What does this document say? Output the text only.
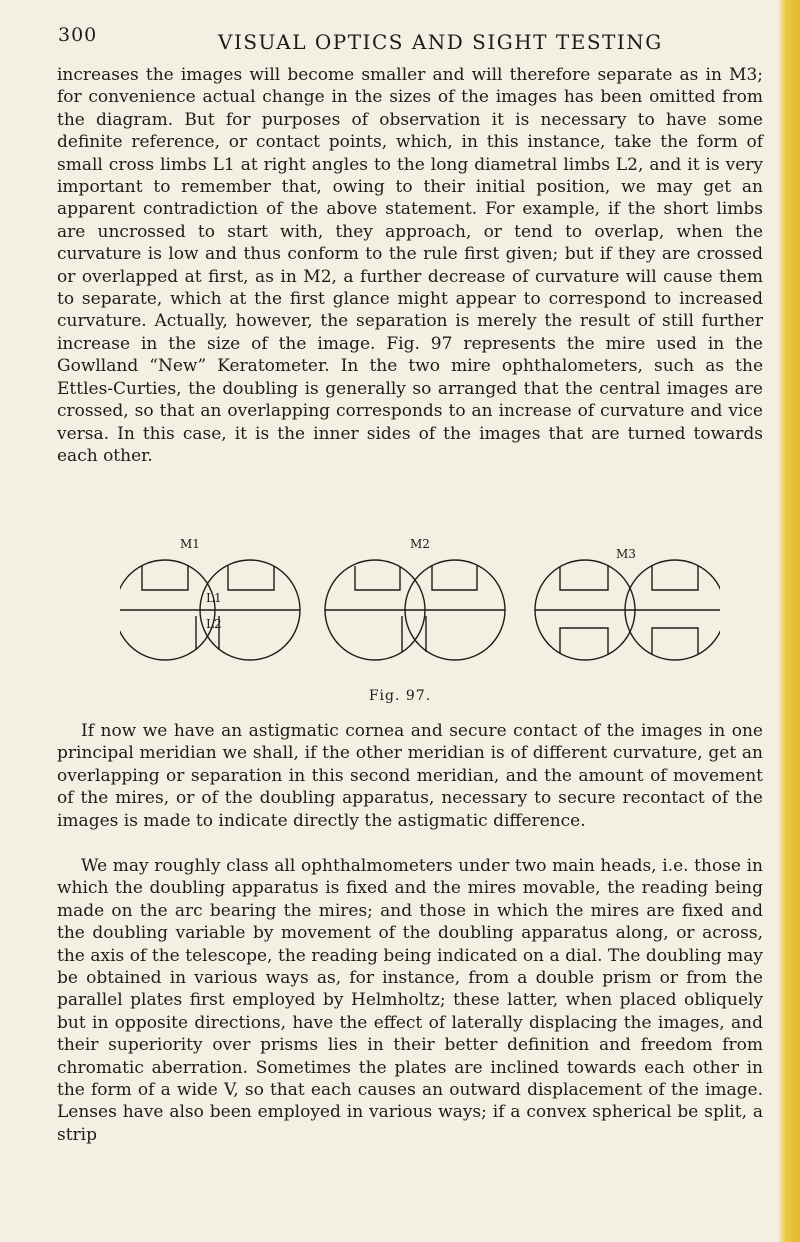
300	VISUAL OPTICS AND SIGHT TESTING

increases the images will become smaller and will therefore separate as in M3; for convenience actual change in the sizes of the images has been omitted from the diagram. But for purposes of observation it is necessary to have some definite reference, or contact points, which, in this instance, take the form of small cross limbs L1 at right angles to the long diametral limbs L2, and it is very important to remember that, owing to their initial position, we may get an apparent contradiction of the above statement. For example, if the short limbs are uncrossed to start with, they approach, or tend to overlap, when the curvature is low and thus conform to the rule first given; but if they are crossed or overlapped at first, as in M2, a further decrease of curvature will cause them to separate, which at the first glance might appear to correspond to increased curvature. Actually, however, the separation is merely the result of still further increase in the size of the image. Fig. 97 represents the mire used in the Gowlland “New” Keratometer. In the two mire ophthalometers, such as the Ettles-Curties, the doubling is generally so arranged that the central images are crossed, so that an overlapping corresponds to an increase of curvature and vice versa. In this case, it is the inner sides of the images that are turned towards each other.

M1	M2
M3
L1
L2
Fig. 97.

If now we have an astigmatic cornea and secure contact of the images in one principal meridian we shall, if the other meridian is of different curvature, get an overlapping or separation in this second meridian, and the amount of movement of the mires, or of the doubling apparatus, necessary to secure recontact of the images is made to indicate directly the astigmatic difference.

We may roughly class all ophthalmometers under two main heads, i.e. those in which the doubling apparatus is fixed and the mires movable, the reading being made on the arc bearing the mires; and those in which the mires are fixed and the doubling variable by movement of the doubling apparatus along, or across, the axis of the telescope, the reading being indicated on a dial. The doubling may be obtained in various ways as, for instance, from a double prism or from the parallel plates first employed by Helmholtz; these latter, when placed obliquely but in opposite directions, have the effect of laterally displacing the images, and their superiority over prisms lies in their better definition and freedom from chromatic aberration. Sometimes the plates are inclined towards each other in the form of a wide V, so that each causes an outward displacement of the image. Lenses have also been employed in various ways; if a convex spherical be split, a strip
